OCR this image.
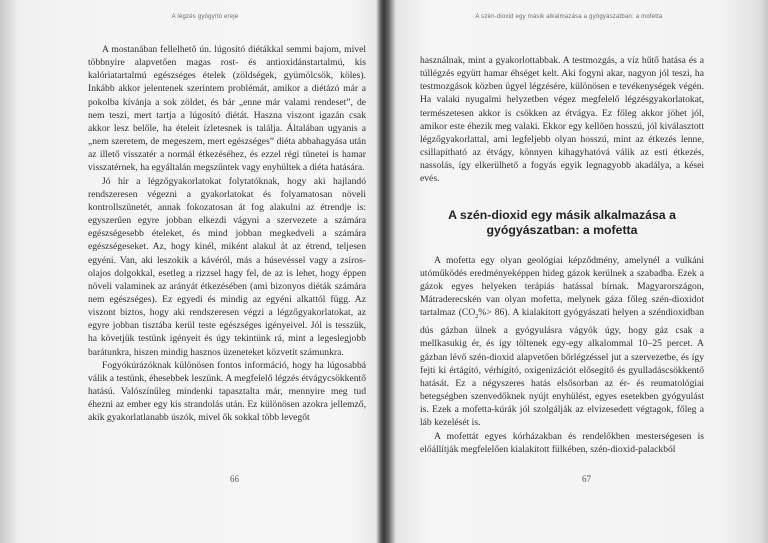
A légzés gyógyító ereje

A mostanában fellelhető ún. lúgosító diétákkal semmi bajom, mivel többnyire alapvetően magas rost- és antioxidánstartalmú, kis kalóriatartalmú egészséges ételek (zöldségek, gyümölcsök, köles). Inkább akkor jelentenek szerintem problémát, amikor a diétázó már a pokolba kívánja a sok zöldet, és bár „enne már valami rendeset”, de nem teszi, mert tartja a lúgosító diétát. Haszna viszont igazán csak akkor lesz belőle, ha ételeit ízletesnek is találja. Általában ugyanis a „nem szeretem, de megeszem, mert egészséges” diéta abbahagyása után az illető visszatér a normál étkezéséhez, és ezzel régi tünetei is hamar visszatérnek, ha egyáltalán megszűntek vagy enyhültek a diéta hatására.

Jó hír a légzőgyakorlatokat folytatóknak, hogy aki hajlandó rendszeresen végezni a gyakorlatokat és folyamatosan növeli kontrollszünetét, annak fokozatosan át fog alakulni az étrendje is: egyszerűen egyre jobban elkezdi vágyni a szervezete a számára egészségesebb ételeket, és mind jobban megkedveli a számára egészségeseket. Az, hogy kinél, miként alakul át az étrend, teljesen egyéni. Van, aki leszokik a kávéról, más a húsevéssel vagy a zsíros-olajos dolgokkal, esetleg a rizzsel hagy fel, de az is lehet, hogy éppen növeli valaminek az arányát étkezésében (ami bizonyos diéták számára nem egészséges). Ez egyedi és mindig az egyéni alkattól függ. Az viszont biztos, hogy aki rendszeresen végzi a légzőgyakorlatokat, az egyre jobban tisztába kerül teste egészséges igényeivel. Jól is tesszük, ha követjük testünk igényeit és úgy tekintünk rá, mint a legeslegjobb barátunkra, hiszen mindig hasznos üzeneteket közvetít számunkra.

Fogyókúrázóknak különösen fontos információ, hogy ha lúgosabbá válik a testünk, éhesebbek leszünk. A megfelelő légzés étvágycsökkentő hatású. Valószínűleg mindenki tapasztalta már, mennyire meg tud éhezni az ember egy kis strandolás után. Ez különösen azokra jellemző, akik gyakorlatlanabb úszók, mivel ők sokkal több levegőt

66
A szén-dioxid egy másik alkalmazása a gyógyászatban: a mofetta

használnak, mint a gyakorlottabbak. A testmozgás, a víz hűtő hatása és a túllégzés együtt hamar éhséget kelt. Aki fogyni akar, nagyon jól teszi, ha testmozgások közben ügyel légzésére, különösen e tevékenységek végén. Ha valaki nyugalmi helyzetben végez megfelelő légzésgyakorlatokat, természetesen akkor is csökken az étvágya. Ez főleg akkor jöhet jól, amikor este éhezik meg valaki. Ekkor egy kellően hosszú, jól kiválasztott légzőgyakorlattal, ami legfeljebb olyan hosszú, mint az étkezés lenne, csillapítható az étvágy, könnyen kihagyhatóvá válik az esti étkezés, nassolás, így elkerülhető a fogyás egyik legnagyobb akadálya, a kései evés.

A szén-dioxid egy másik alkalmazása a gyógyászatban: a mofetta

A mofetta egy olyan geológiai képződmény, amelynél a vulkáni utóműködés eredményeképpen hideg gázok kerülnek a szabadba. Ezek a gázok egyes helyeken terápiás hatással bírnak. Magyarországon, Mátraderecskén van olyan mofetta, melynek gáza főleg szén-dioxidot tartalmaz $(CO_2\%> 86)$. A kialakított gyógyászati helyen a széndioxidban dús gázban ülnek a gyógyulásra vágyók úgy, hogy gáz csak a mellkasukig ér, és így töltenek egy-egy alkalommal 10–25 percet. A gázban lévő szén-dioxid alapvetően bőrlégzéssel jut a szervezetbe, és így fejti ki értágító, vérhígító, oxigenizációt elősegítő és gyulladáscsökkentő hatását. Ez a négyszeres hatás elsősorban az ér- és reumatológiai betegségben szenvedőknek nyújt enyhülést, egyes esetekben gyógyulást is. Ezek a mofetta-kúrák jól szolgálják az elvizesedett végtagok, főleg a láb kezelését is.

A mofettát egyes kórházakban és rendelőkben mesterségesen is előállítják megfelelően kialakított fülkében, szén-dioxid-palackból

67
